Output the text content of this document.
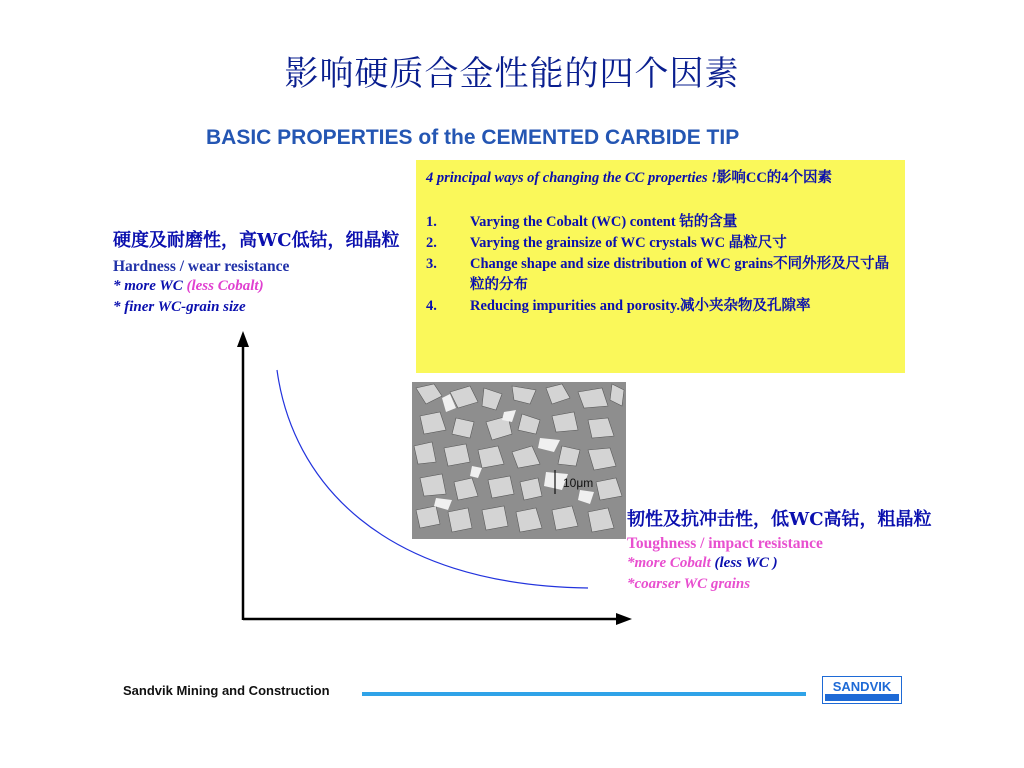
影响硬质合金性能的四个因素
BASIC PROPERTIES of the CEMENTED CARBIDE TIP
4 principal ways of changing the CC properties !影响CC的4个因素
1. Varying the Cobalt (WC) content 钴的含量
2. Varying the grainsize of WC crystals WC 晶粒尺寸
3. Change shape and size distribution of WC grains不同外形及尺寸晶粒的分布
4. Reducing impurities and porosity.减小夹杂物及孔隙率
硬度及耐磨性，高WC低钴，细晶粒
Hardness / wear resistance
* more WC (less Cobalt)
* finer WC-grain size
10μm
韧性及抗冲击性，低WC高钴，粗晶粒
Toughness / impact resistance
*more Cobalt (less WC )
*coarser WC grains
Sandvik Mining and Construction	SANDVIK
